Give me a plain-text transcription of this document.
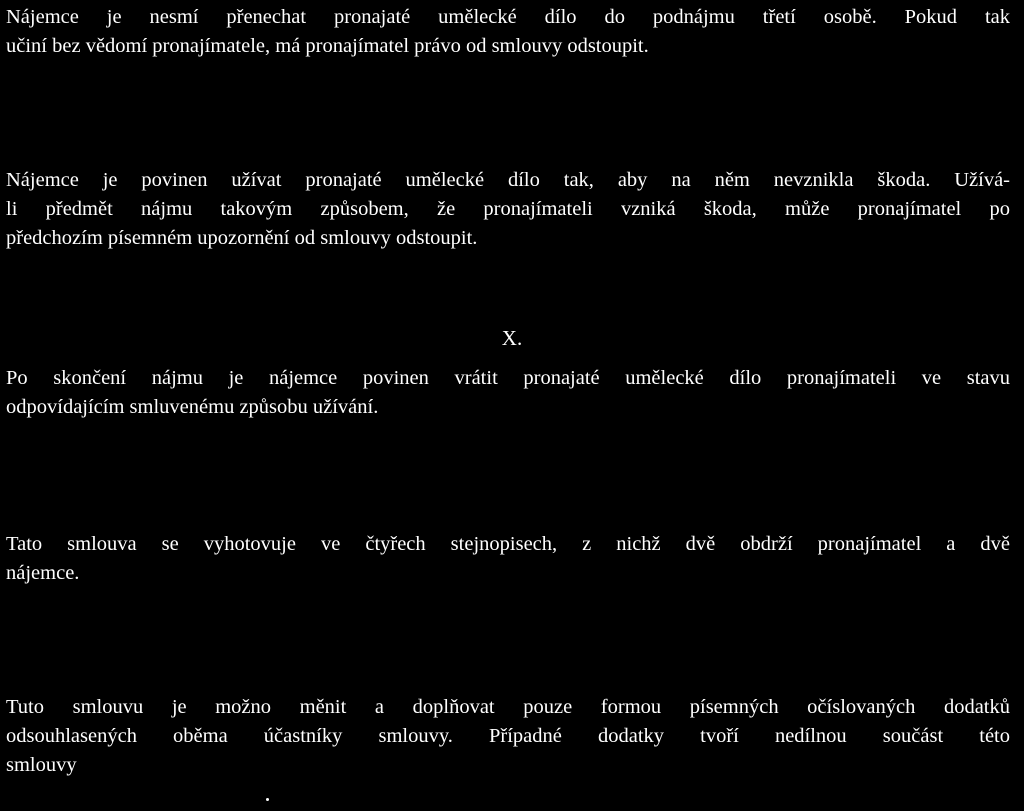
Nájemce je nesmí přenechat pronajaté umělecké dílo do podnájmu třetí osobě. Pokud tak
učiní bez vědomí pronajímatele, má pronajímatel právo od smlouvy odstoupit.

Nájemce je povinen užívat pronajaté umělecké dílo tak, aby na něm nevznikla škoda. Užívá-
li předmět nájmu takovým způsobem, že pronajímateli vzniká škoda, může pronajímatel po
předchozím písemném upozornění od smlouvy odstoupit.

X.

Po skončení nájmu je nájemce povinen vrátit pronajaté umělecké dílo pronajímateli ve stavu
odpovídajícím smluvenému způsobu užívání.

Tato smlouva se vyhotovuje ve čtyřech stejnopisech, z nichž dvě obdrží pronajímatel a dvě
nájemce.

Tuto smlouvu je možno měnit a doplňovat pouze formou písemných očíslovaných dodatků
odsouhlasených oběma účastníky smlouvy. Případné dodatky tvoří nedílnou součást této
smlouvy
